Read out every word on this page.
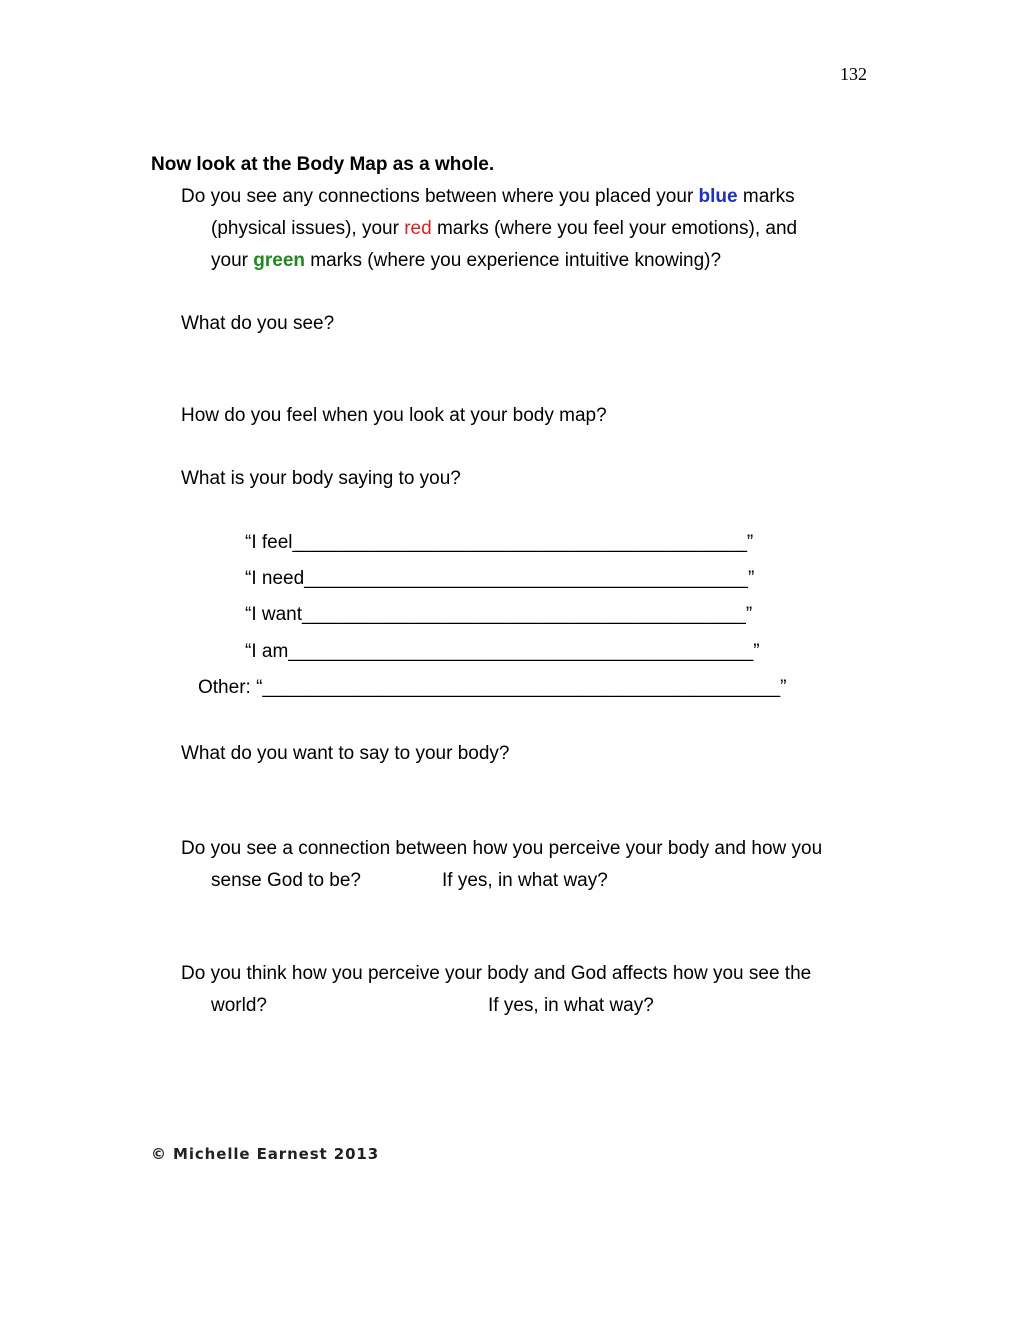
132
Now look at the Body Map as a whole.
Do you see any connections between where you placed your blue marks
(physical issues), your red marks (where you feel your emotions), and
your green marks (where you experience intuitive knowing)?
What do you see?
How do you feel when you look at your body map?
What is your body saying to you?
“I feel___________________________________________”
“I need__________________________________________”
“I want__________________________________________”
“I am____________________________________________”
Other: “_________________________________________________”
What do you want to say to your body?
Do you see a connection between how you perceive your body and how you
sense God to be?	If yes, in what way?
Do you think how you perceive your body and God affects how you see the
world?	If yes, in what way?
© Michelle Earnest 2013
